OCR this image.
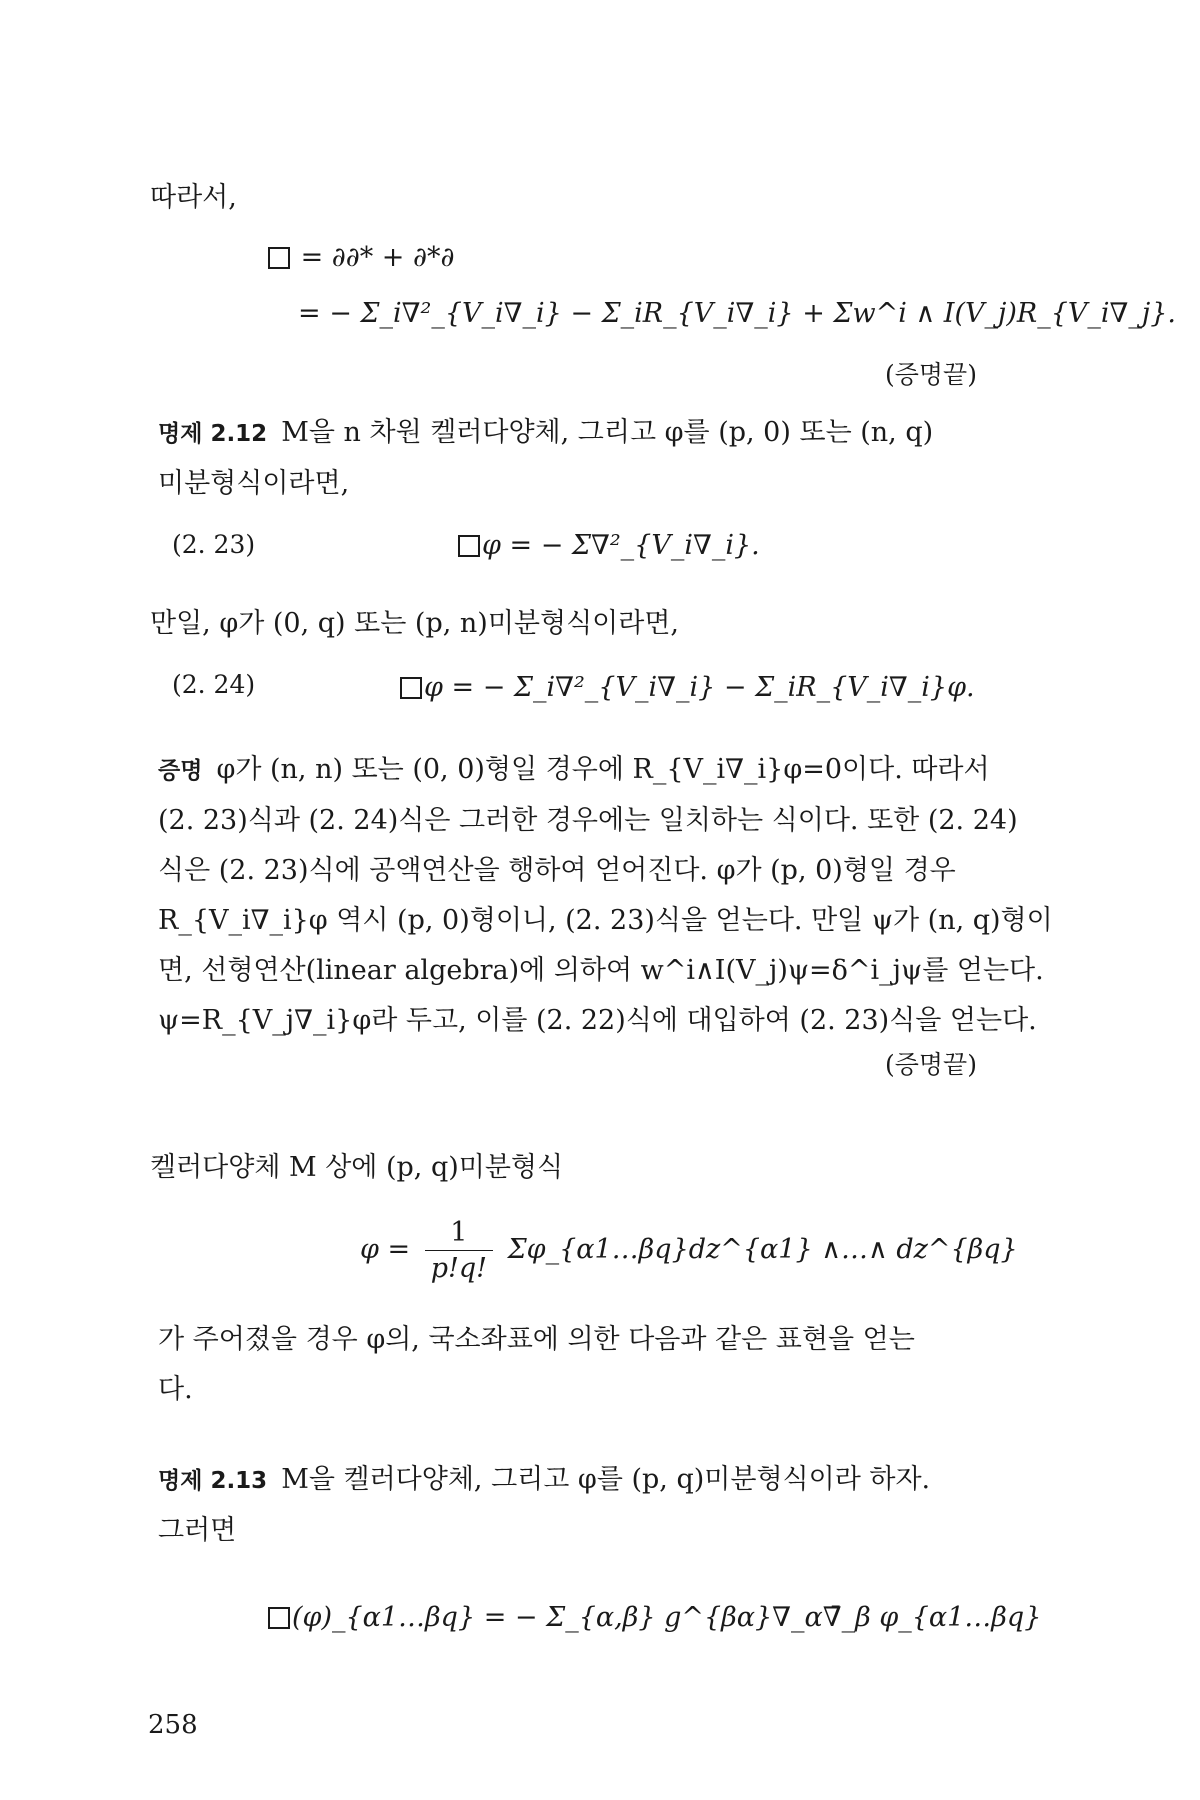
따라서,
= ∂∂* + ∂*∂
= − Σ_i∇²_{V_i∇_i} − Σ_iR_{V_i∇_i} + Σw^i ∧ I(V_j)R_{V_i∇_j}.
(증명끝)
명제 2.12 M을 n 차원 켈러다양체, 그리고 φ를 (p, 0) 또는 (n, q)
미분형식이라면,
(2. 23)	φ = − Σ∇²_{V_i∇_i}.
만일, φ가 (0, q) 또는 (p, n)미분형식이라면,
(2. 24)	φ = − Σ_i∇²_{V_i∇_i} − Σ_iR_{V_i∇_i}φ.
증명 φ가 (n, n) 또는 (0, 0)형일 경우에 R_{V_i∇_i}φ=0이다. 따라서
(2. 23)식과 (2. 24)식은 그러한 경우에는 일치하는 식이다. 또한 (2. 24)
식은 (2. 23)식에 공액연산을 행하여 얻어진다. φ가 (p, 0)형일 경우
R_{V_i∇_i}φ 역시 (p, 0)형이니, (2. 23)식을 얻는다. 만일 ψ가 (n, q)형이
면, 선형연산(linear algebra)에 의하여 w^i∧I(V_j)ψ=δ^i_jψ를 얻는다.
ψ=R_{V_j∇_i}φ라 두고, 이를 (2. 22)식에 대입하여 (2. 23)식을 얻는다.
(증명끝)
켈러다양체 M 상에 (p, q)미분형식
$\varphi = \frac{1}{p!q!}$ Σφ_{α1…βq}dz^{α1} ∧…∧ dz^{βq}
가 주어졌을 경우 φ의, 국소좌표에 의한 다음과 같은 표현을 얻는
다.
명제 2.13 M을 켈러다양체, 그리고 φ를 (p, q)미분형식이라 하자.
그러면
(φ)_{α1…βq} = − Σ_{α,β} g^{βα}∇_α∇̄_β φ_{α1…βq}
258
